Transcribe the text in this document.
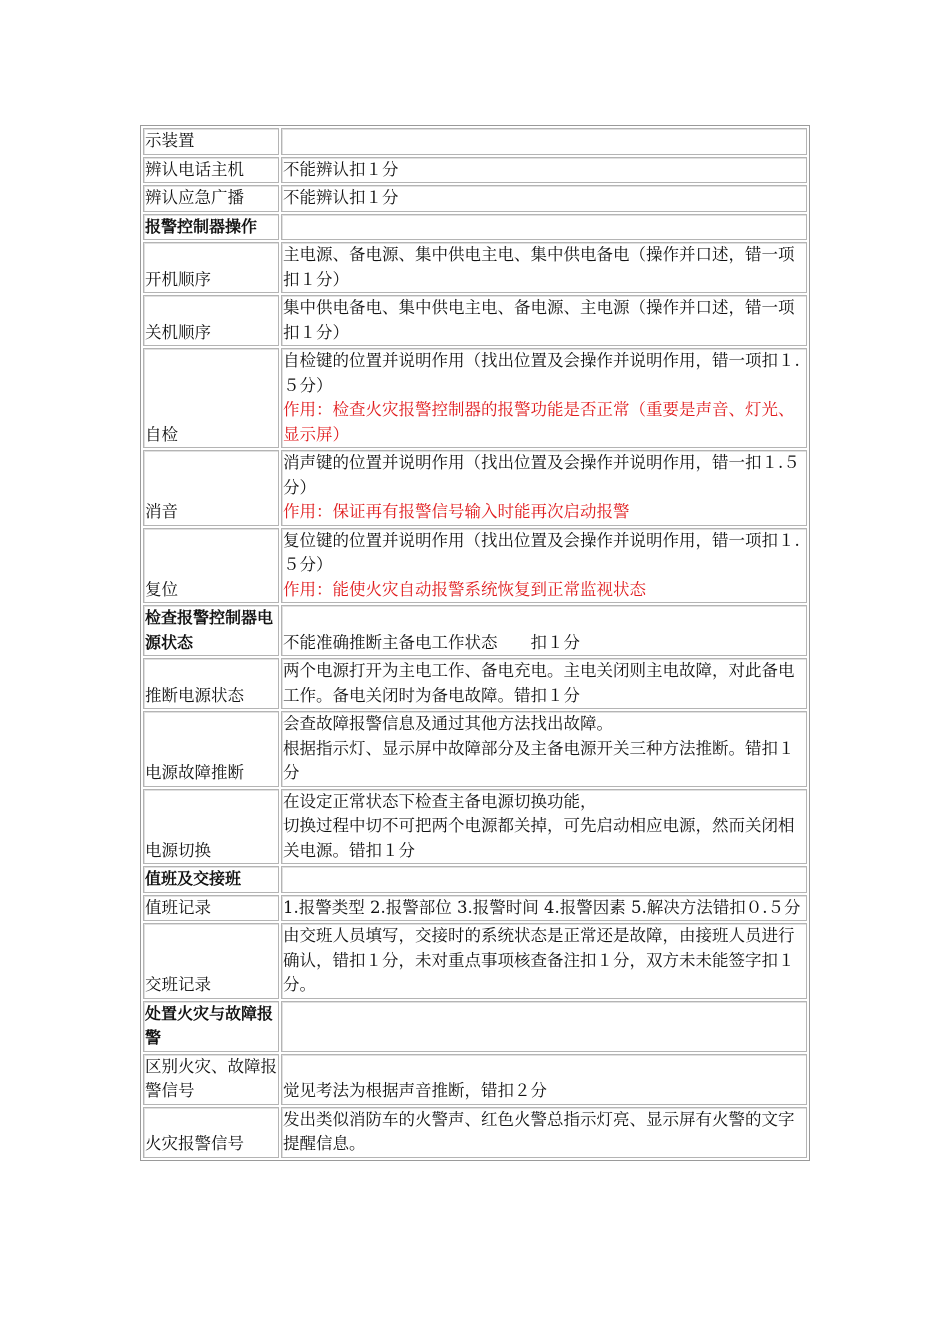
示装置	
辨认电话主机	不能辨认扣１分

辨认应急广播	不能辨认扣１分

报警控制器操作	
开机顺序	主电源、备电源、集中供电主电、集中供电备电（操作并口述，错一项扣１分）

关机顺序	集中供电备电、集中供电主电、备电源、主电源（操作并口述，错一项扣１分）

自检	自检键的位置并说明作用（找出位置及会操作并说明作用，错一项扣１.５分）
作用：检查火灾报警控制器的报警功能是否正常（重要是声音、灯光、显示屏）

消音	消声键的位置并说明作用（找出位置及会操作并说明作用，错一扣１.５分）
作用：保证再有报警信号输入时能再次启动报警

复位	复位键的位置并说明作用（找出位置及会操作并说明作用，错一项扣１.５分）
作用：能使火灾自动报警系统恢复到正常监视状态

检查报警控制器电源状态	不能准确推断主备电工作状态　　扣１分

推断电源状态	两个电源打开为主电工作、备电充电。主电关闭则主电故障，对此备电工作。备电关闭时为备电故障。错扣１分

电源故障推断	会查故障报警信息及通过其他方法找出故障。
根据指示灯、显示屏中故障部分及主备电源开关三种方法推断。错扣１分

电源切换	在设定正常状态下检查主备电源切换功能，
切换过程中切不可把两个电源都关掉，可先启动相应电源，然而关闭相关电源。错扣１分

值班及交接班	
值班记录	1.报警类型 2.报警部位 3.报警时间 4.报警因素 5.解决方法错扣０.５分

交班记录	由交班人员填写，交接时的系统状态是正常还是故障，由接班人员进行确认，错扣１分，未对重点事项核查备注扣１分，双方未未能签字扣１分。

处置火灾与故障报警	
区别火灾、故障报警信号	觉见考法为根据声音推断，错扣２分

火灾报警信号	发出类似消防车的火警声、红色火警总指示灯亮、显示屏有火警的文字提醒信息。
